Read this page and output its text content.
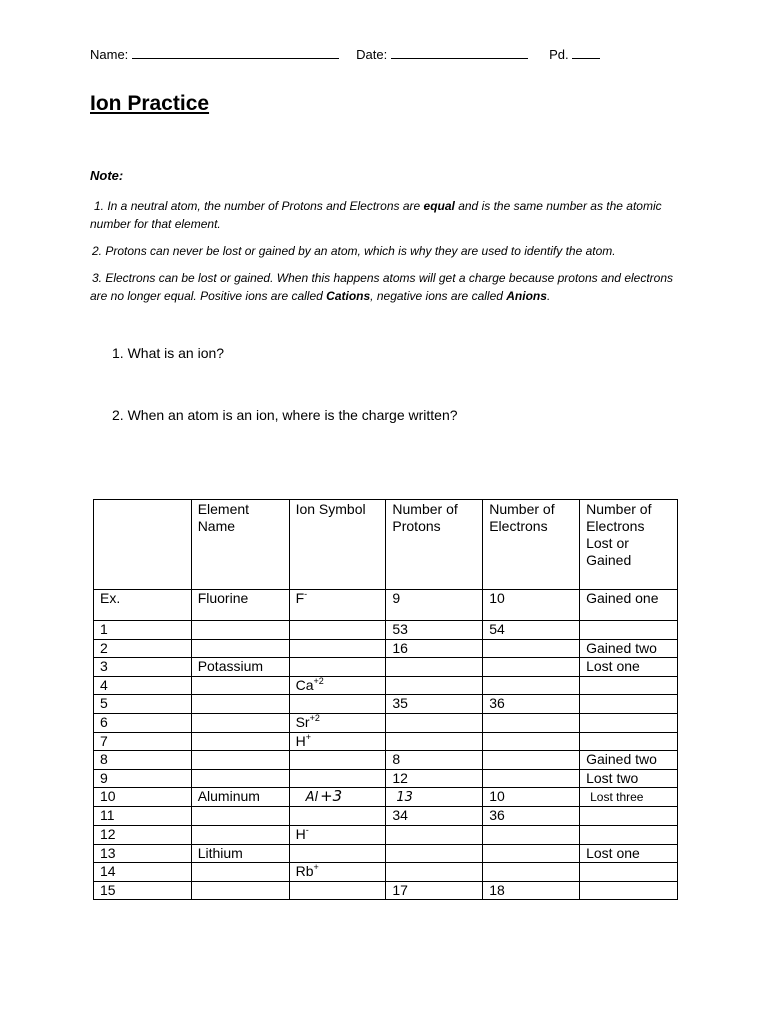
Name:	Date:	Pd.
Ion Practice
Note:
1. In a neutral atom, the number of Protons and Electrons are equal and is the same number as the atomic number for that element.
2. Protons can never be lost or gained by an atom, which is why they are used to identify the atom.
3. Electrons can be lost or gained. When this happens atoms will get a charge because protons and electrons are no longer equal. Positive ions are called Cations, negative ions are called Anions.
1. What is an ion?
2. When an atom is an ion, where is the charge written?
	Element Name	Ion Symbol	Number of Protons	Number of Electrons	Number of Electrons Lost or Gained
Ex.	Fluorine	F-	9	10	Gained one
1			53	54	
2			16		Gained two
3	Potassium				Lost one
4		$Ca^{+2}$			
5			35	36	
6		$Sr^{+2}$			
7		H+			
8			8		Gained two
9			12		Lost two
10	Aluminum	Al +3	13	10	Lost three
11			34	36	
12		H-			
13	Lithium				Lost one
14		Rb+			
15			17	18	
